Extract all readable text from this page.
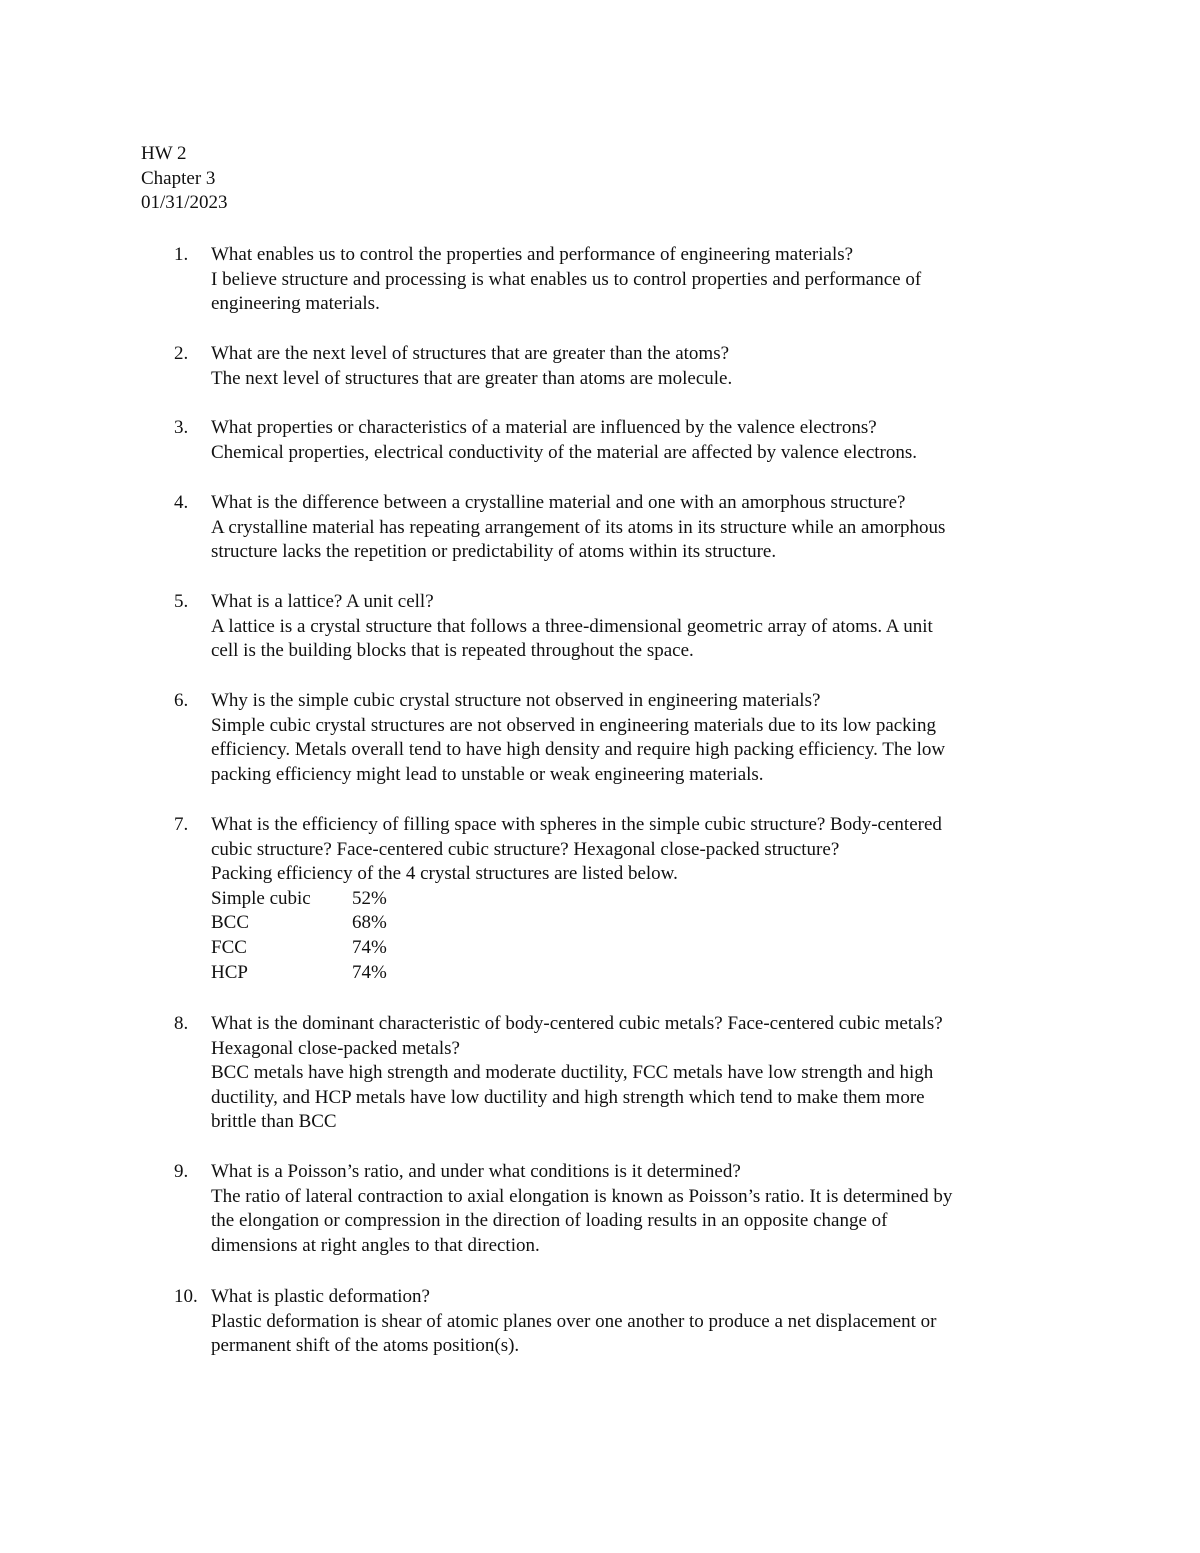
HW 2
Chapter 3
01/31/2023
1. What enables us to control the properties and performance of engineering materials?
I believe structure and processing is what enables us to control properties and performance of
engineering materials.
2. What are the next level of structures that are greater than the atoms?
The next level of structures that are greater than atoms are molecule.
3. What properties or characteristics of a material are influenced by the valence electrons?
Chemical properties, electrical conductivity of the material are affected by valence electrons.
4. What is the difference between a crystalline material and one with an amorphous structure?
A crystalline material has repeating arrangement of its atoms in its structure while an amorphous
structure lacks the repetition or predictability of atoms within its structure.
5. What is a lattice? A unit cell?
A lattice is a crystal structure that follows a three-dimensional geometric array of atoms. A unit
cell is the building blocks that is repeated throughout the space.
6. Why is the simple cubic crystal structure not observed in engineering materials?
Simple cubic crystal structures are not observed in engineering materials due to its low packing
efficiency. Metals overall tend to have high density and require high packing efficiency. The low
packing efficiency might lead to unstable or weak engineering materials.
7. What is the efficiency of filling space with spheres in the simple cubic structure? Body-centered
cubic structure? Face-centered cubic structure? Hexagonal close-packed structure?
Packing efficiency of the 4 crystal structures are listed below.
Simple cubic 52%
BCC	68%
FCC	74%
HCP	74%
8. What is the dominant characteristic of body-centered cubic metals? Face-centered cubic metals?
Hexagonal close-packed metals?
BCC metals have high strength and moderate ductility, FCC metals have low strength and high
ductility, and HCP metals have low ductility and high strength which tend to make them more
brittle than BCC
9. What is a Poisson’s ratio, and under what conditions is it determined?
The ratio of lateral contraction to axial elongation is known as Poisson’s ratio. It is determined by
the elongation or compression in the direction of loading results in an opposite change of
dimensions at right angles to that direction.
10. What is plastic deformation?
Plastic deformation is shear of atomic planes over one another to produce a net displacement or
permanent shift of the atoms position(s).
